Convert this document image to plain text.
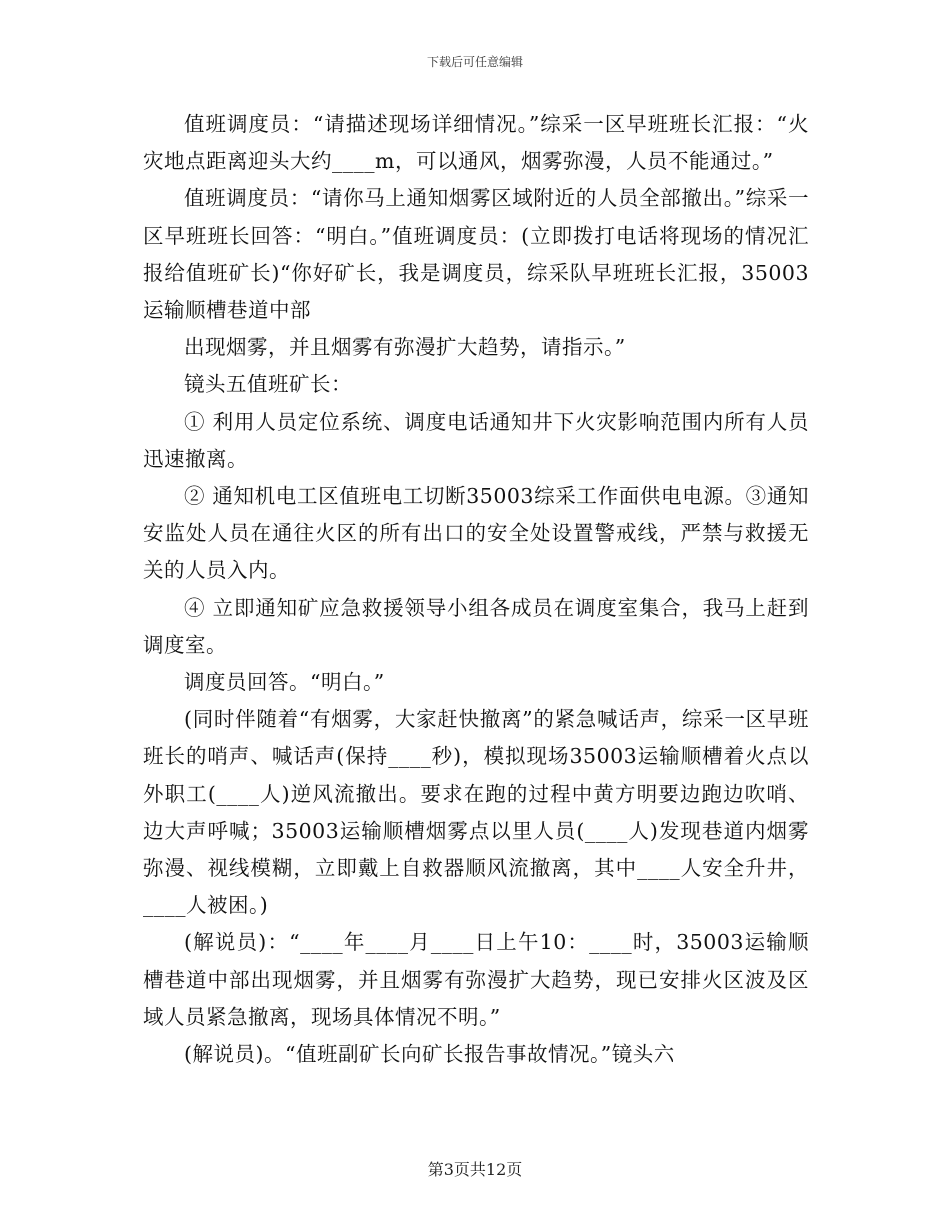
下载后可任意编辑

值班调度员：“请描述现场详细情况。”综采一区早班班长汇报：“火灾地点距离迎头大约____m，可以通风，烟雾弥漫，人员不能通过。”

值班调度员：“请你马上通知烟雾区域附近的人员全部撤出。”综采一区早班班长回答：“明白。”值班调度员：(立即拨打电话将现场的情况汇报给值班矿长)“你好矿长，我是调度员，综采队早班班长汇报，35003运输顺槽巷道中部

出现烟雾，并且烟雾有弥漫扩大趋势，请指示。”

镜头五值班矿长：

① 利用人员定位系统、调度电话通知井下火灾影响范围内所有人员迅速撤离。

② 通知机电工区值班电工切断35003综采工作面供电电源。③通知安监处人员在通往火区的所有出口的安全处设置警戒线，严禁与救援无关的人员入内。

④ 立即通知矿应急救援领导小组各成员在调度室集合，我马上赶到调度室。

调度员回答。“明白。”

(同时伴随着“有烟雾，大家赶快撤离”的紧急喊话声，综采一区早班班长的哨声、喊话声(保持____秒)，模拟现场35003运输顺槽着火点以外职工(____人)逆风流撤出。要求在跑的过程中黄方明要边跑边吹哨、边大声呼喊；35003运输顺槽烟雾点以里人员(____人)发现巷道内烟雾弥漫、视线模糊，立即戴上自救器顺风流撤离，其中____人安全升井，____人被困。)

(解说员)：“____年____月____日上午10：____时，35003运输顺槽巷道中部出现烟雾，并且烟雾有弥漫扩大趋势，现已安排火区波及区域人员紧急撤离，现场具体情况不明。”

(解说员)。“值班副矿长向矿长报告事故情况。”镜头六

第3页共12页
